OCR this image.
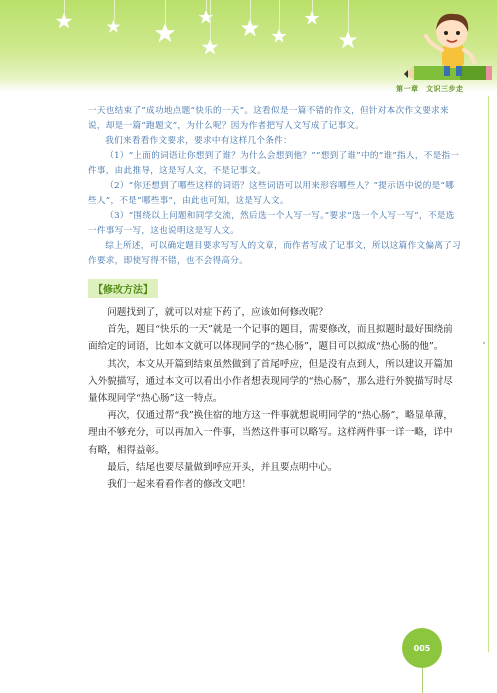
第一章　文识三步走

一天也结束了”成功地点题“快乐的一天”。这看似是一篇不错的作文，但针对本次作文要求来说，却是一篇“跑题文”，为什么呢？因为作者把写人文写成了记事文。

我们来看看作文要求，要求中有这样几个条件：

（1）“上面的词语让你想到了谁？为什么会想到他？”“想到了谁”中的“谁”指人，不是指一件事，由此推导，这是写人文，不是记事文。

（2）“你还想到了哪些这样的词语？这些词语可以用来形容哪些人？”提示语中说的是“哪些人”，不是“哪些事”，由此也可知，这是写人文。

（3）“围绕以上问题和同学交流，然后选一个人写一写。”要求“选一个人写一写”，不是选一件事写一写，这也说明这是写人文。

综上所述，可以确定题目要求写写人的文章，而作者写成了记事文，所以这篇作文偏离了习作要求，即使写得不错，也不会得高分。

【修改方法】

问题找到了，就可以对症下药了，应该如何修改呢？

首先，题目“快乐的一天”就是一个记事的题目，需要修改，而且拟题时最好围绕前面给定的词语，比如本文就可以体现同学的“热心肠”，题目可以拟成“热心肠的他”。

其次，本文从开篇到结束虽然做到了首尾呼应，但是没有点到人，所以建议开篇加入外貌描写，通过本文可以看出小作者想表现同学的“热心肠”，那么进行外貌描写时尽量体现同学“热心肠”这一特点。

再次，仅通过帮“我”换住宿的地方这一件事就想说明同学的“热心肠”，略显单薄，理由不够充分，可以再加入一件事，当然这件事可以略写。这样两件事一详一略，详中有略，相得益彰。

最后，结尾也要尽量做到呼应开头，并且要点明中心。

我们一起来看看作者的修改文吧！

005
